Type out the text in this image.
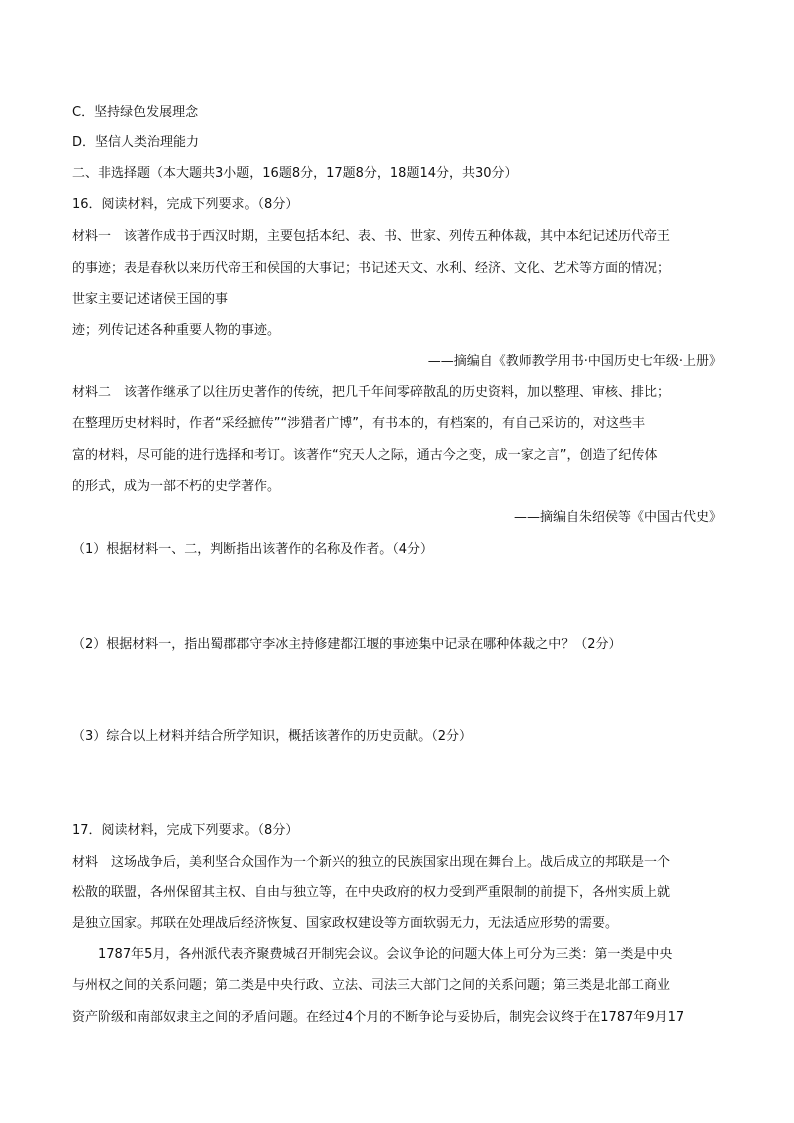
C．坚持绿色发展理念
D．坚信人类治理能力
二、非选择题（本大题共3小题，16题8分，17题8分，18题14分，共30分）
16．阅读材料，完成下列要求。（8分）
材料一　该著作成书于西汉时期，主要包括本纪、表、书、世家、列传五种体裁，其中本纪记述历代帝王
的事迹；表是春秋以来历代帝王和侯国的大事记；书记述天文、水利、经济、文化、艺术等方面的情况；
世家主要记述诸侯王国的事
迹；列传记述各种重要人物的事迹。
——摘编自《教师教学用书·中国历史七年级·上册》
材料二　该著作继承了以往历史著作的传统，把几千年间零碎散乱的历史资料，加以整理、审核、排比；
在整理历史材料时，作者“采经摭传”“涉猎者广博”，有书本的，有档案的，有自己采访的，对这些丰
富的材料，尽可能的进行选择和考订。该著作“究天人之际，通古今之变，成一家之言”，创造了纪传体
的形式，成为一部不朽的史学著作。
——摘编自朱绍侯等《中国古代史》
（1）根据材料一、二，判断指出该著作的名称及作者。（4分）
（2）根据材料一，指出蜀郡郡守李冰主持修建都江堰的事迹集中记录在哪种体裁之中？（2分）
（3）综合以上材料并结合所学知识，概括该著作的历史贡献。（2分）
17．阅读材料，完成下列要求。（8分）
材料　这场战争后，美利坚合众国作为一个新兴的独立的民族国家出现在舞台上。战后成立的邦联是一个
松散的联盟，各州保留其主权、自由与独立等，在中央政府的权力受到严重限制的前提下，各州实质上就
是独立国家。邦联在处理战后经济恢复、国家政权建设等方面软弱无力，无法适应形势的需要。
　　1787年5月，各州派代表齐聚费城召开制宪会议。会议争论的问题大体上可分为三类：第一类是中央
与州权之间的关系问题；第二类是中央行政、立法、司法三大部门之间的关系问题；第三类是北部工商业
资产阶级和南部奴隶主之间的矛盾问题。在经过4个月的不断争论与妥协后，制宪会议终于在1787年9月17
